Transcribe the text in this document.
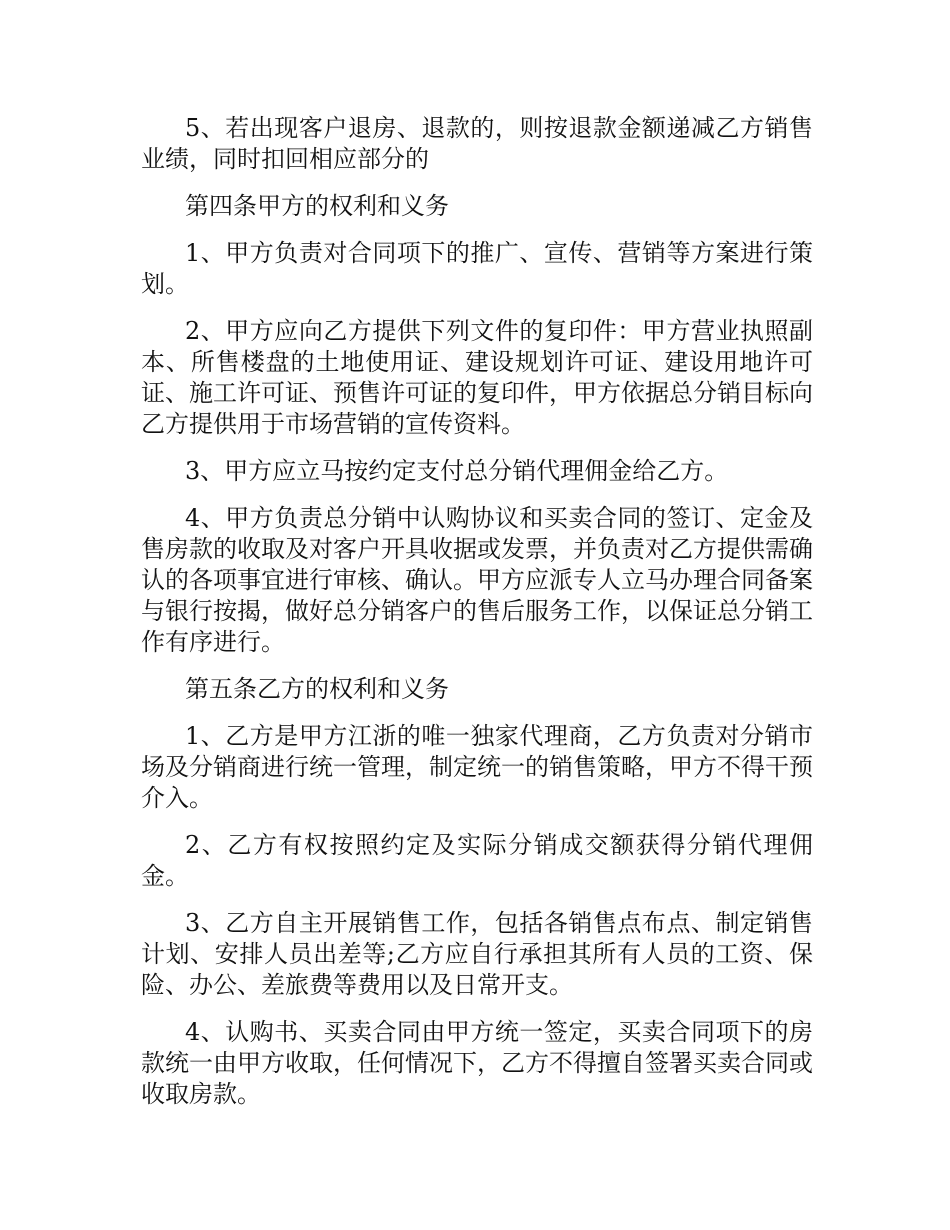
5、若出现客户退房、退款的，则按退款金额递减乙方销售业绩，同时扣回相应部分的

第四条甲方的权利和义务

1、甲方负责对合同项下的推广、宣传、营销等方案进行策划。

2、甲方应向乙方提供下列文件的复印件：甲方营业执照副本、所售楼盘的土地使用证、建设规划许可证、建设用地许可证、施工许可证、预售许可证的复印件，甲方依据总分销目标向乙方提供用于市场营销的宣传资料。

3、甲方应立马按约定支付总分销代理佣金给乙方。

4、甲方负责总分销中认购协议和买卖合同的签订、定金及售房款的收取及对客户开具收据或发票，并负责对乙方提供需确认的各项事宜进行审核、确认。甲方应派专人立马办理合同备案与银行按揭，做好总分销客户的售后服务工作，以保证总分销工作有序进行。

第五条乙方的权利和义务

1、乙方是甲方江浙的唯一独家代理商，乙方负责对分销市场及分销商进行统一管理，制定统一的销售策略，甲方不得干预介入。

2、乙方有权按照约定及实际分销成交额获得分销代理佣金。

3、乙方自主开展销售工作，包括各销售点布点、制定销售计划、安排人员出差等;乙方应自行承担其所有人员的工资、保险、办公、差旅费等费用以及日常开支。

4、认购书、买卖合同由甲方统一签定，买卖合同项下的房款统一由甲方收取，任何情况下，乙方不得擅自签署买卖合同或收取房款。
